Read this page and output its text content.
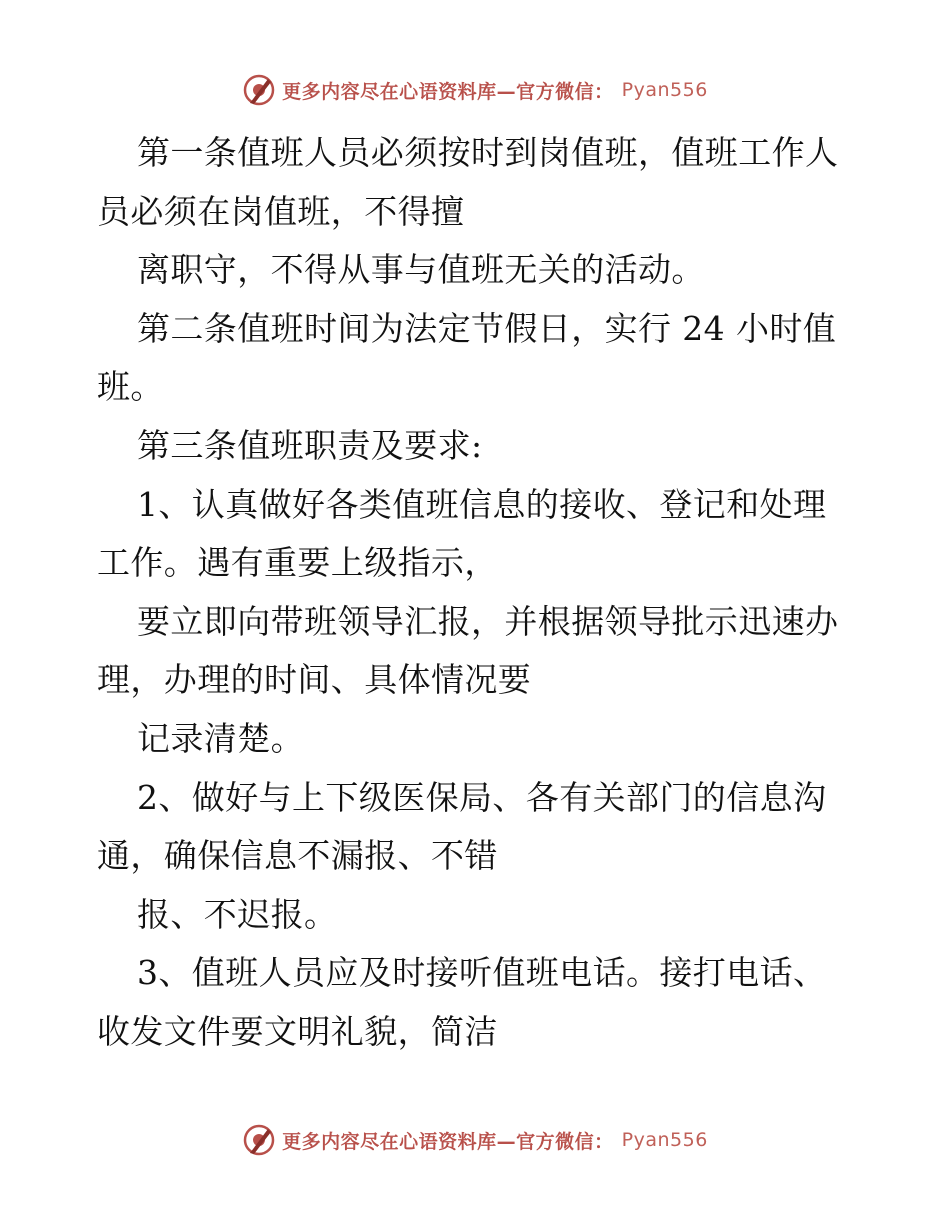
更多内容尽在心语资料库—官方微信： Pyan556
第一条值班人员必须按时到岗值班，值班工作人
员必须在岗值班，不得擅
离职守，不得从事与值班无关的活动。
第二条值班时间为法定节假日，实行 24 小时值
班。
第三条值班职责及要求:
1、认真做好各类值班信息的接收、登记和处理
工作。遇有重要上级指示，
要立即向带班领导汇报，并根据领导批示迅速办
理，办理的时间、具体情况要
记录清楚。
2、做好与上下级医保局、各有关部门的信息沟
通，确保信息不漏报、不错
报、不迟报。
3、值班人员应及时接听值班电话。接打电话、
收发文件要文明礼貌，简洁
更多内容尽在心语资料库—官方微信： Pyan556
